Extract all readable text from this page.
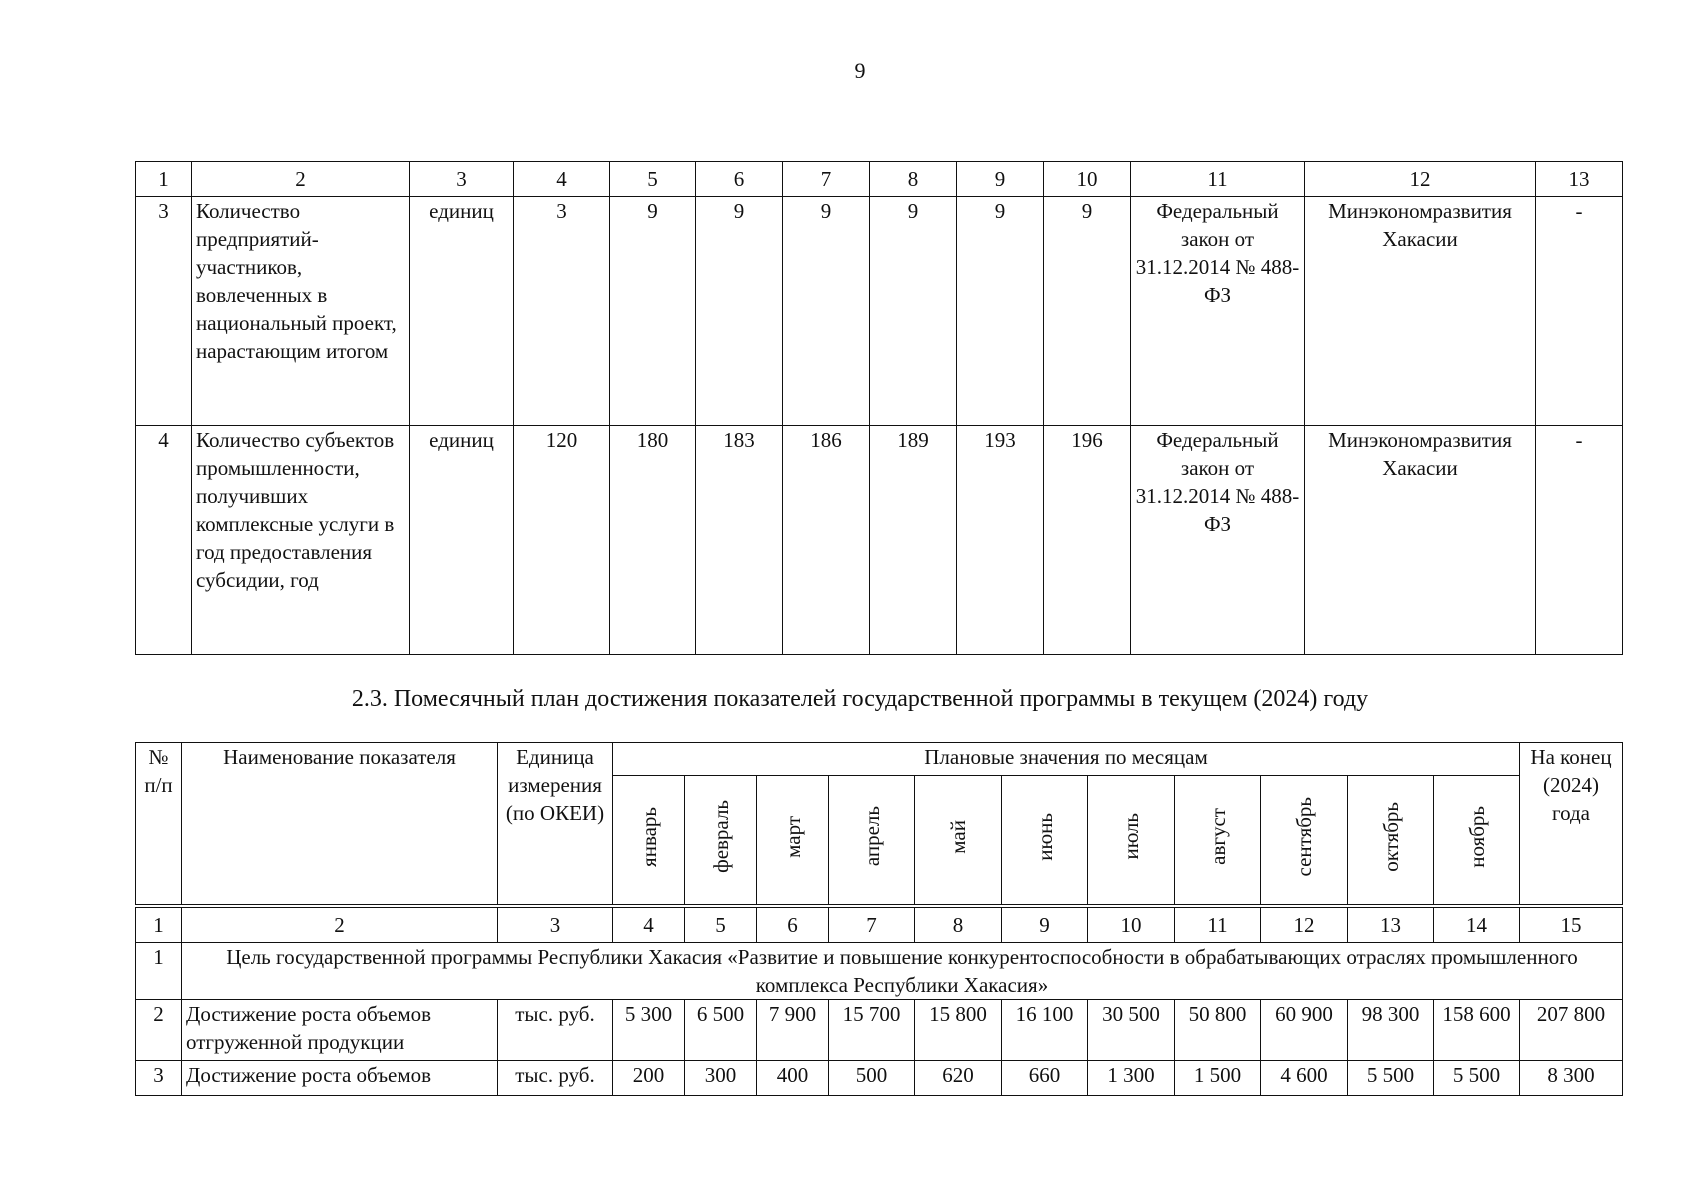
9
1	2	3	4	5	6	7	8	9	10	11	12	13
3	Количество предприятий-участников, вовлеченных в национальный проект, нарастающим итогом	единиц	3	9	9	9	9	9	9	Федеральный закон от 31.12.2014 № 488-ФЗ	Минэкономразвития Хакасии	-
4	Количество субъектов промышленности, получивших комплексные услуги в год предоставления субсидии, год	единиц	120	180	183	186	189	193	196	Федеральный закон от 31.12.2014 № 488-ФЗ	Минэкономразвития Хакасии	-
2.3. Помесячный план достижения показателей государственной программы в текущем (2024) году
№ п/п	Наименование показателя	Единица измерения (по ОКЕИ)	Плановые значения по месяцам											На конец (2024) года
			январь	февраль	март	апрель	май	июнь	июль	август	сентябрь	октябрь	ноябрь	

1	2	3	4	5	6	7	8	9	10	11	12	13	14	15
1	Цель государственной программы Республики Хакасия «Развитие и повышение конкурентоспособности в обрабатывающих отраслях промышленного комплекса Республики Хакасия»													
2	Достижение роста объемов отгруженной продукции	тыс. руб.	5 300	6 500	7 900	15 700	15 800	16 100	30 500	50 800	60 900	98 300	158 600	207 800
3	Достижение роста объемов	тыс. руб.	200	300	400	500	620	660	1 300	1 500	4 600	5 500	5 500	8 300
